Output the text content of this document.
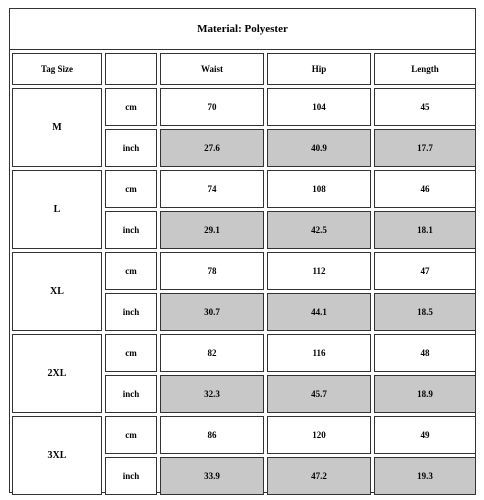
Material: Polyester
Tag Size		Waist	Hip	Length
M	cm	70	104	45
	inch	27.6	40.9	17.7
L	cm	74	108	46
	inch	29.1	42.5	18.1
XL	cm	78	112	47
	inch	30.7	44.1	18.5
2XL	cm	82	116	48
	inch	32.3	45.7	18.9
3XL	cm	86	120	49
	inch	33.9	47.2	19.3
